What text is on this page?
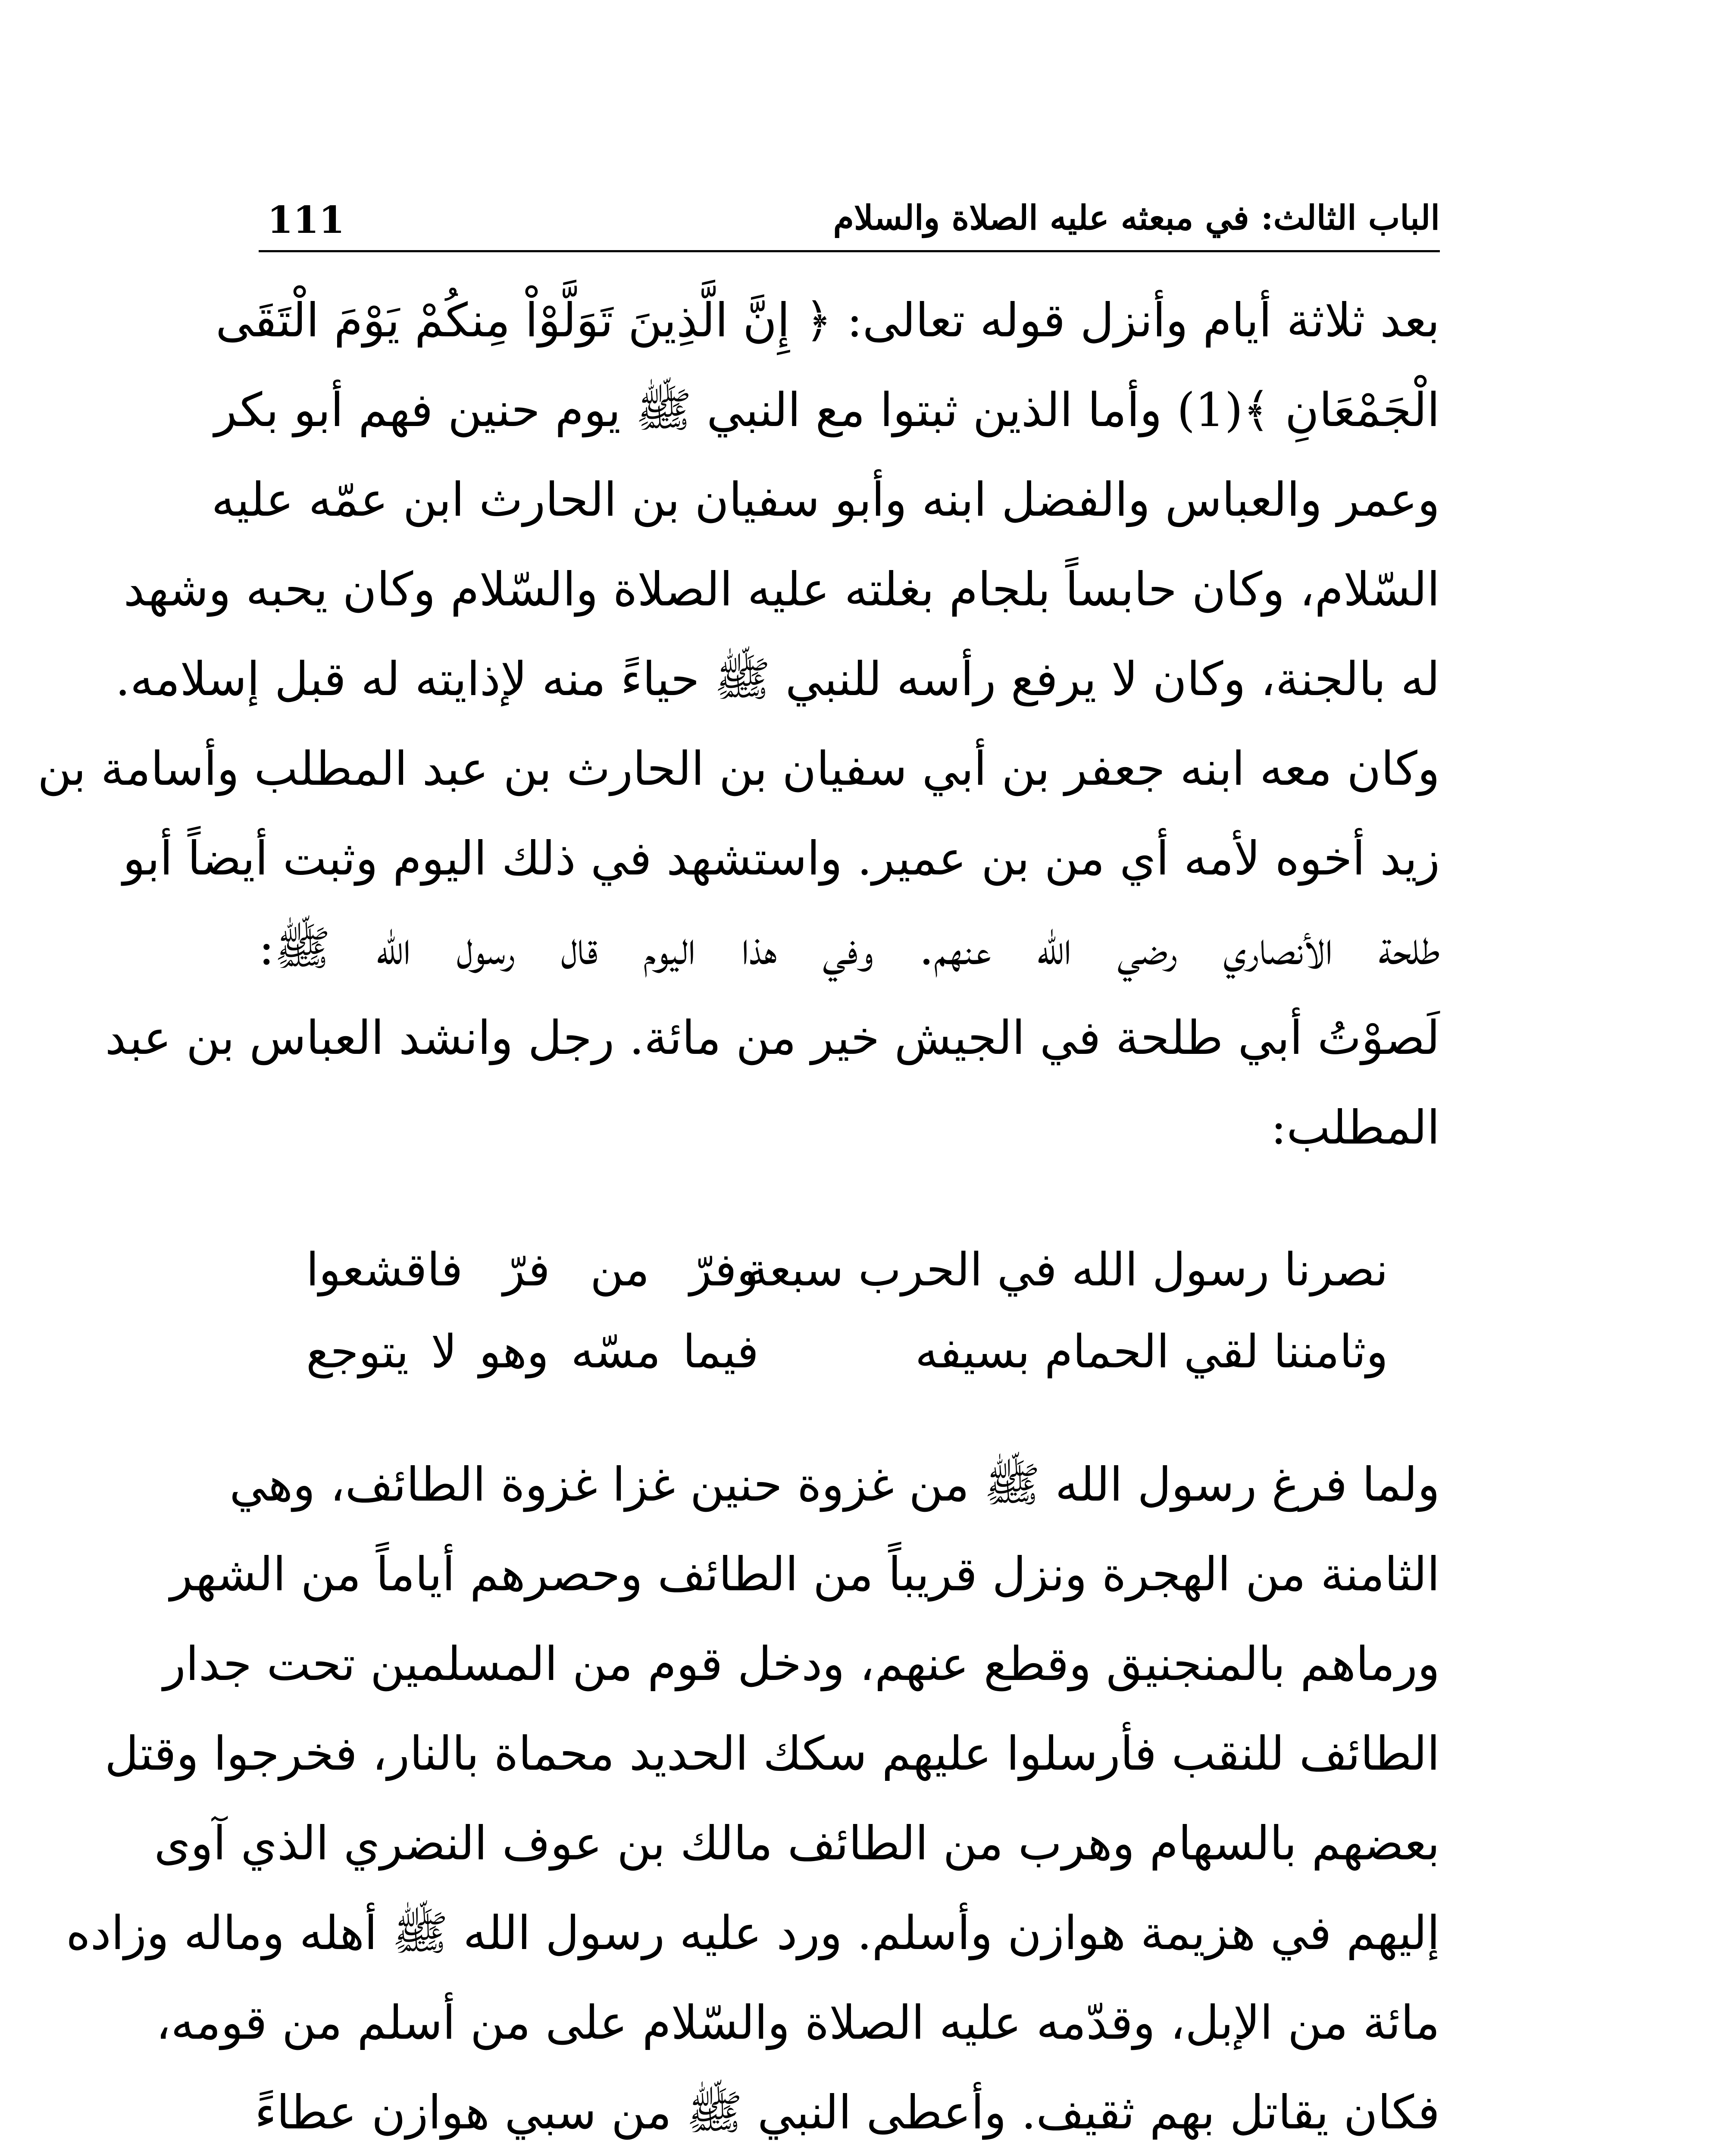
الباب الثالث: في مبعثه عليه الصلاة والسلام
111

بعد ثلاثة أيام وأنزل قوله تعالى: ﴿ إِنَّ الَّذِينَ تَوَلَّوْاْ مِنكُمْ يَوْمَ الْتَقَى

الْجَمْعَانِ ﴾(1) وأما الذين ثبتوا مع النبي ﷺ يوم حنين فهم أبو بكر

وعمر والعباس والفضل ابنه وأبو سفيان بن الحارث ابن عمّه عليه

السّلام، وكان حابساً بلجام بغلته عليه الصلاة والسّلام وكان يحبه وشهد

له بالجنة، وكان لا يرفع رأسه للنبي ﷺ حياءً منه لإذايته له قبل إسلامه.

وكان معه ابنه جعفر بن أبي سفيان بن الحارث بن عبد المطلب وأسامة بن

زيد أخوه لأمه أي من بن عمير. واستشهد في ذلك اليوم وثبت أيضاً أبو

طلحة الأنصاري رضي الله عنهم. وفي هذا اليوم قال رسول الله ﷺ:

لَصوْتُ أبي طلحة في الجيش خير من مائة. رجل وانشد العباس بن عبد

المطلب:

نصرنا رسول الله في الحرب سبعة
وفرّ من فرّ فاقشعوا
وثامننا لقي الحمام بسيفه
فيما مسّه وهو لا يتوجع

ولما فرغ رسول الله ﷺ من غزوة حنين غزا غزوة الطائف، وهي

الثامنة من الهجرة ونزل قريباً من الطائف وحصرهم أياماً من الشهر

ورماهم بالمنجنيق وقطع عنهم، ودخل قوم من المسلمين تحت جدار

الطائف للنقب فأرسلوا عليهم سكك الحديد محماة بالنار، فخرجوا وقتل

بعضهم بالسهام وهرب من الطائف مالك بن عوف النضري الذي آوى

إليهم في هزيمة هوازن وأسلم. ورد عليه رسول الله ﷺ أهله وماله وزاده

مائة من الإبل، وقدّمه عليه الصلاة والسّلام على من أسلم من قومه،

فكان يقاتل بهم ثقيف. وأعطى النبي ﷺ من سبي هوازن عطاءً
